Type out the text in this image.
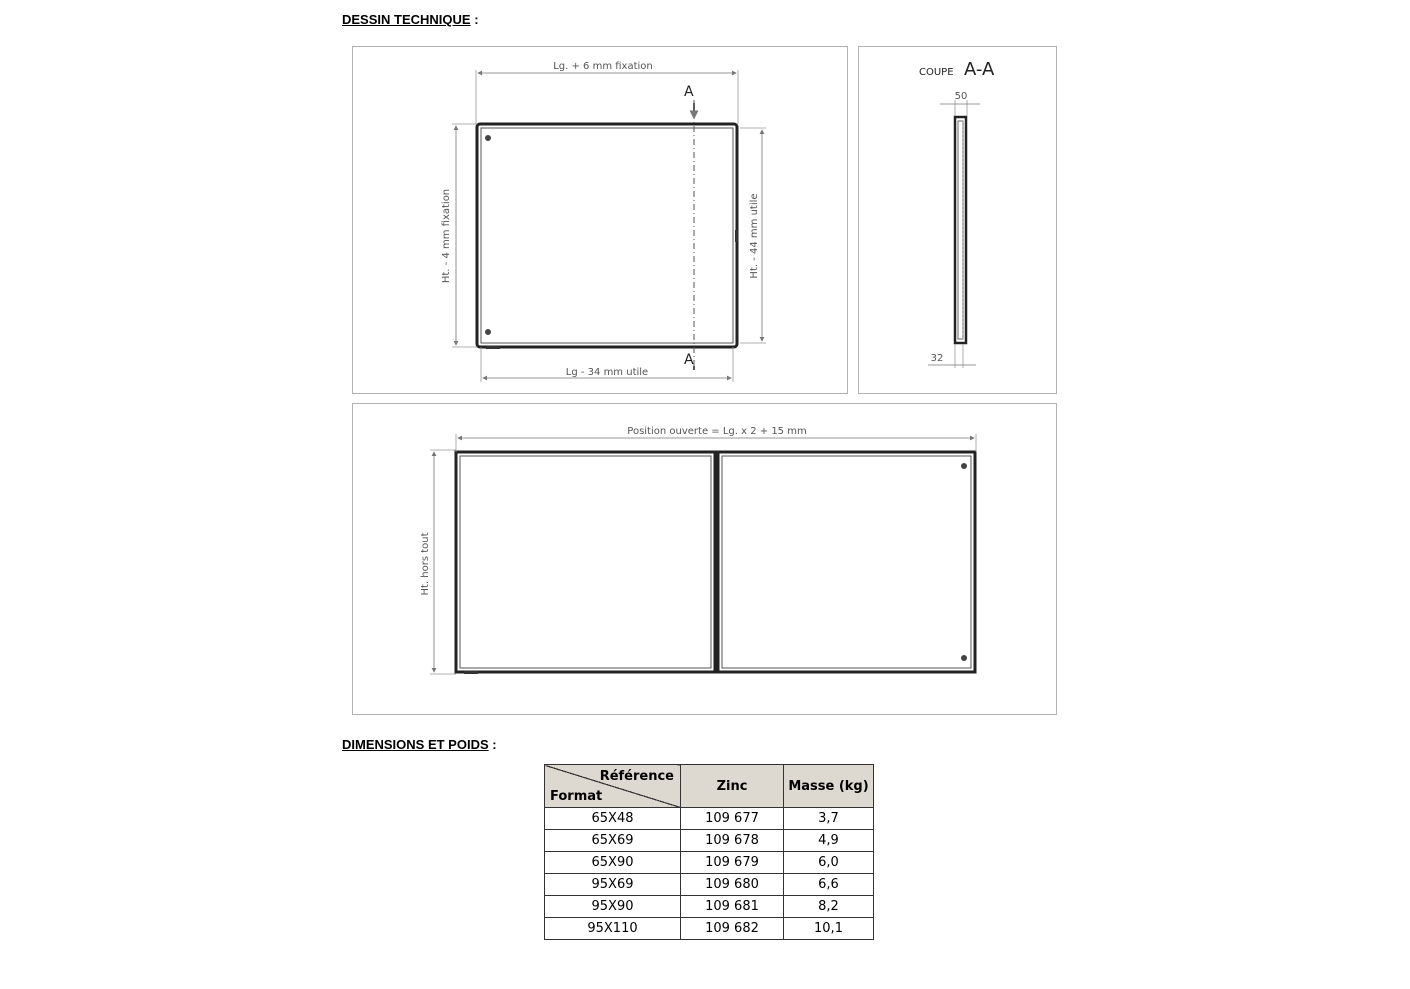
DESSIN TECHNIQUE :
A
A
Lg. + 6 mm fixation
Ht. - 4 mm fixation	Ht. - 44 mm utile
Lg - 34 mm utile
COUPE A-A
50
32
Position ouverte = Lg. x 2 + 15 mm
Ht. hors tout
DIMENSIONS ET POIDS :
Référence
Format	Zinc	Masse (kg)
65X48	109 677	3,7
65X69	109 678	4,9
65X90	109 679	6,0
95X69	109 680	6,6
95X90	109 681	8,2
95X110	109 682	10,1
